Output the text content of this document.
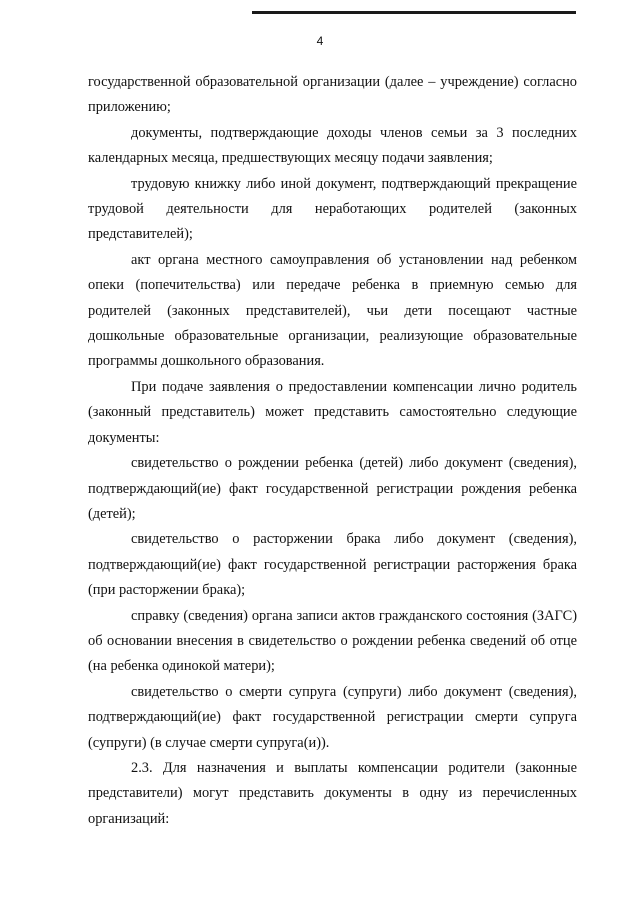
4

государственной образовательной организации (далее – учреждение) согласно приложению;

документы, подтверждающие доходы членов семьи за 3 последних календарных месяца, предшествующих месяцу подачи заявления;

трудовую книжку либо иной документ, подтверждающий прекращение трудовой деятельности для неработающих родителей (законных представителей);

акт органа местного самоуправления об установлении над ребенком опеки (попечительства) или передаче ребенка в приемную семью для родителей (законных представителей), чьи дети посещают частные дошкольные образовательные организации, реализующие образовательные программы дошкольного образования.

При подаче заявления о предоставлении компенсации лично родитель (законный представитель) может представить самостоятельно следующие документы:

свидетельство о рождении ребенка (детей) либо документ (сведения), подтверждающий(ие) факт государственной регистрации рождения ребенка (детей);

свидетельство о расторжении брака либо документ (сведения), подтверждающий(ие) факт государственной регистрации расторжения брака (при расторжении брака);

справку (сведения) органа записи актов гражданского состояния (ЗАГС) об основании внесения в свидетельство о рождении ребенка сведений об отце (на ребенка одинокой матери);

свидетельство о смерти супруга (супруги) либо документ (сведения), подтверждающий(ие) факт государственной регистрации смерти супруга (супруги) (в случае смерти супруга(и)).

2.3. Для назначения и выплаты компенсации родители (законные представители) могут представить документы в одну из перечисленных организаций:
